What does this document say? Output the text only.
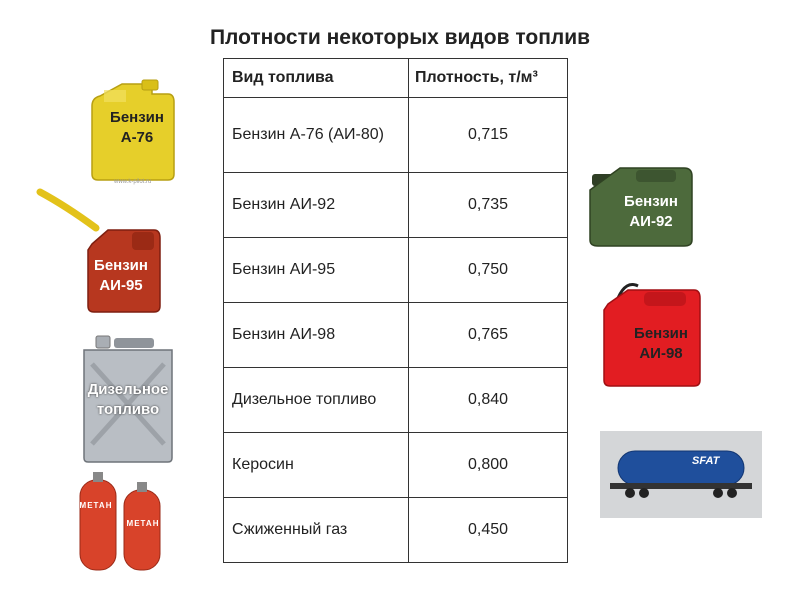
Плотности некоторых видов топлив
Вид топлива	Плотность, т/м³
Бензин А-76 (АИ-80)	0,715
Бензин АИ-92	0,735
Бензин АИ-95	0,750
Бензин АИ-98	0,765
Дизельное топливо	0,840
Керосин	0,800
Сжиженный газ	0,450
Бензин
А-76
www.k-pilot.ru
Бензин
АИ-95
Дизельное
топливо
МЕТАН
МЕТАН
Бензин
АИ-92
Бензин
АИ-98
SFAT
